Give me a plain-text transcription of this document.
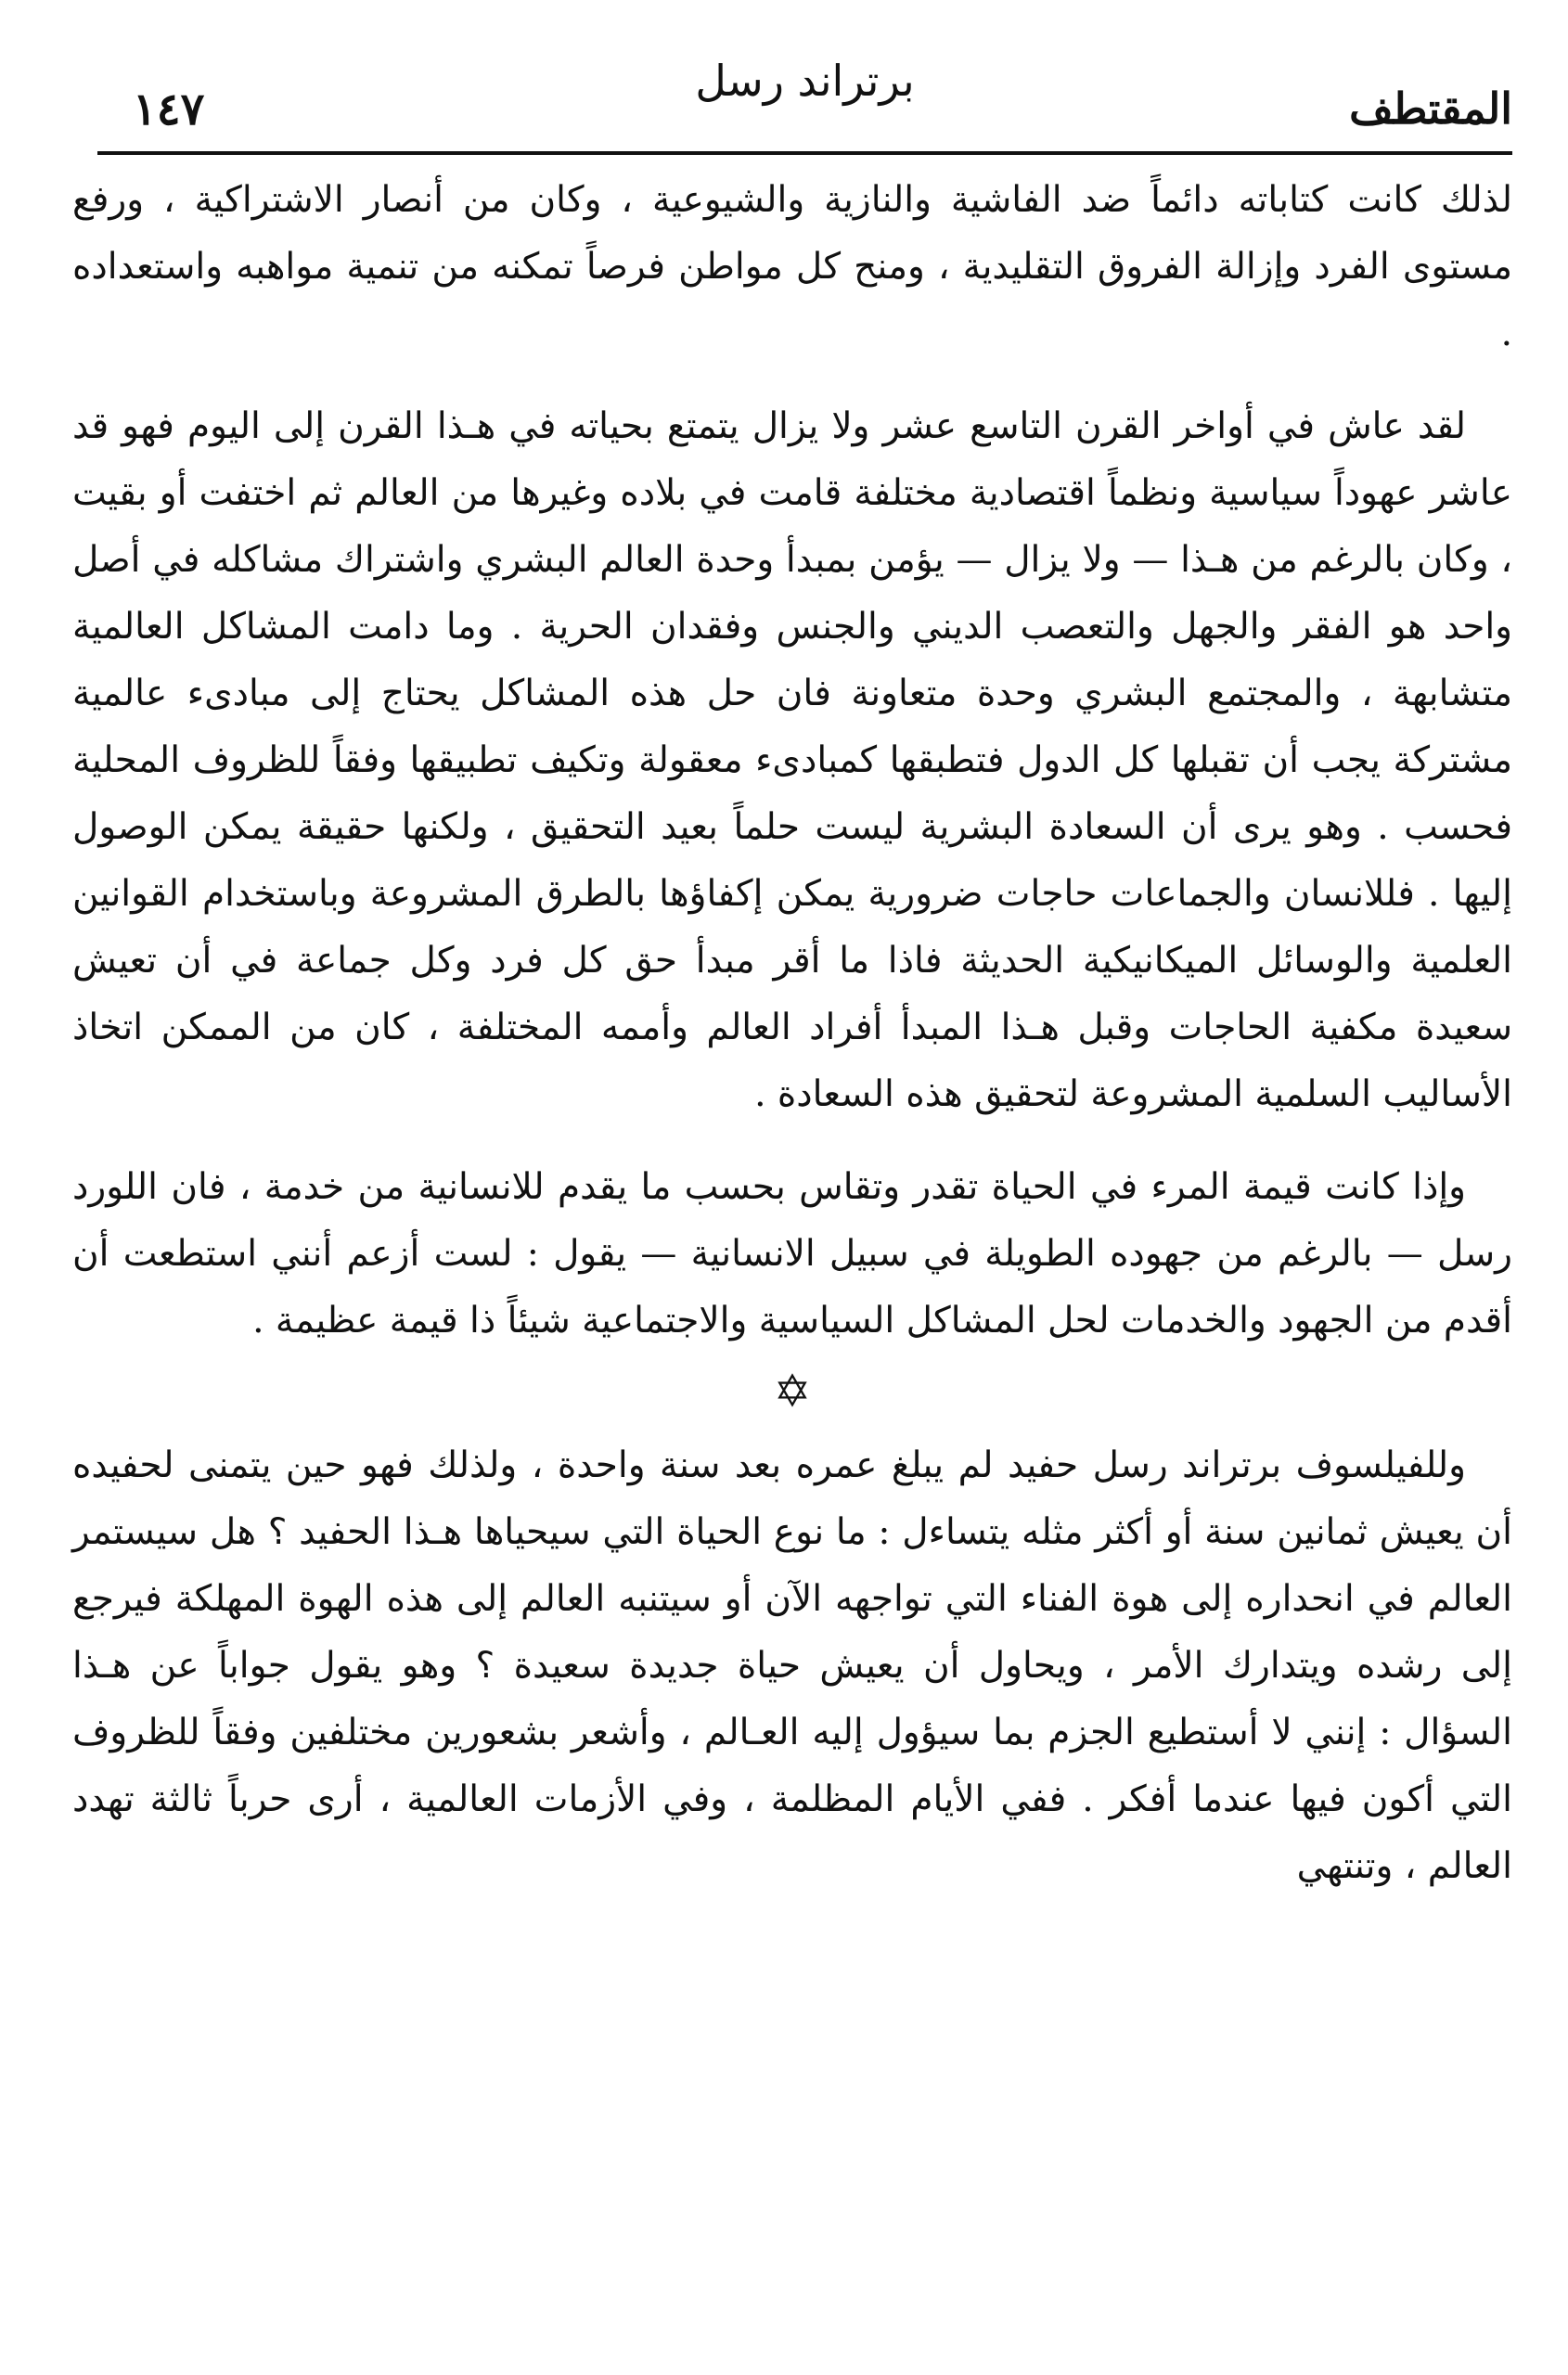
المقتطف

برتراند رسل

١٤٧

لذلك كانت كتاباته دائماً ضد الفاشية والنازية والشيوعية ، وكان من أنصار الاشتراكية ، ورفع مستوى الفرد وإزالة الفروق التقليدية ، ومنح كل مواطن فرصاً تمكنه من تنمية مواهبه واستعداده .

لقد عاش في أواخر القرن التاسع عشر ولا يزال يتمتع بحياته في هـذا القرن إلى اليوم فهو قد عاشر عهوداً سياسية ونظماً اقتصادية مختلفة قامت في بلاده وغيرها من العالم ثم اختفت أو بقيت ، وكان بالرغم من هـذا — ولا يزال — يؤمن بمبدأ وحدة العالم البشري واشتراك مشاكله في أصل واحد هو الفقر والجهل والتعصب الديني والجنس وفقدان الحرية . وما دامت المشاكل العالمية متشابهة ، والمجتمع البشري وحدة متعاونة فان حل هذه المشاكل يحتاج إلى مبادىء عالمية مشتركة يجب أن تقبلها كل الدول فتطبقها كمبادىء معقولة وتكيف تطبيقها وفقاً للظروف المحلية فحسب . وهو يرى أن السعادة البشرية ليست حلماً بعيد التحقيق ، ولكنها حقيقة يمكن الوصول إليها . فللانسان والجماعات حاجات ضرورية يمكن إكفاؤها بالطرق المشروعة وباستخدام القوانين العلمية والوسائل الميكانيكية الحديثة فاذا ما أقر مبدأ حق كل فرد وكل جماعة في أن تعيش سعيدة مكفية الحاجات وقبل هـذا المبدأ أفراد العالم وأممه المختلفة ، كان من الممكن اتخاذ الأساليب السلمية المشروعة لتحقيق هذه السعادة .

وإذا كانت قيمة المرء في الحياة تقدر وتقاس بحسب ما يقدم للانسانية من خدمة ، فان اللورد رسل — بالرغم من جهوده الطويلة في سبيل الانسانية — يقول : لست أزعم أنني استطعت أن أقدم من الجهود والخدمات لحل المشاكل السياسية والاجتماعية شيئاً ذا قيمة عظيمة .

✡

وللفيلسوف برتراند رسل حفيد لم يبلغ عمره بعد سنة واحدة ، ولذلك فهو حين يتمنى لحفيده أن يعيش ثمانين سنة أو أكثر مثله يتساءل : ما نوع الحياة التي سيحياها هـذا الحفيد ؟ هل سيستمر العالم في انحداره إلى هوة الفناء التي تواجهه الآن أو سيتنبه العالم إلى هذه الهوة المهلكة فيرجع إلى رشده ويتدارك الأمر ، ويحاول أن يعيش حياة جديدة سعيدة ؟ وهو يقول جواباً عن هـذا السؤال : إنني لا أستطيع الجزم بما سيؤول إليه العـالم ، وأشعر بشعورين مختلفين وفقاً للظروف التي أكون فيها عندما أفكر . ففي الأيام المظلمة ، وفي الأزمات العالمية ، أرى حرباً ثالثة تهدد العالم ، وتنتهي
